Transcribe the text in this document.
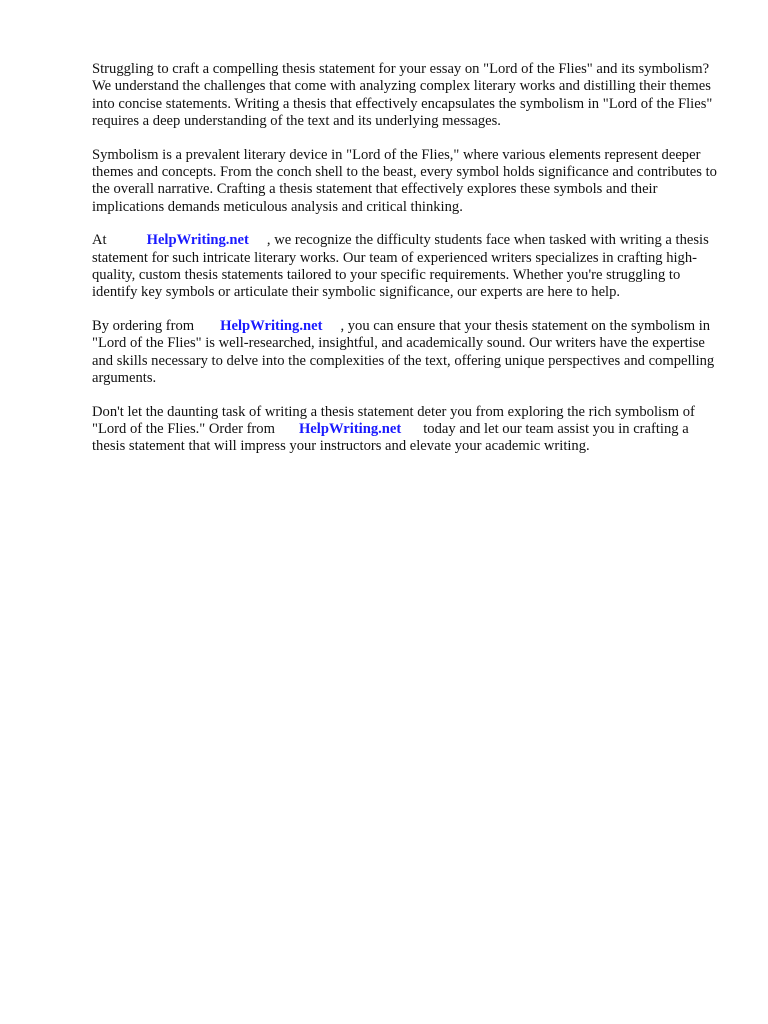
Struggling to craft a compelling thesis statement for your essay on "Lord of the Flies" and its symbolism? We understand the challenges that come with analyzing complex literary works and distilling their themes into concise statements. Writing a thesis that effectively encapsulates the symbolism in "Lord of the Flies" requires a deep understanding of the text and its underlying messages.

Symbolism is a prevalent literary device in "Lord of the Flies," where various elements represent deeper themes and concepts. From the conch shell to the beast, every symbol holds significance and contributes to the overall narrative. Crafting a thesis statement that effectively explores these symbols and their implications demands meticulous analysis and critical thinking.

At	HelpWriting.net , we recognize the difficulty students face when tasked with writing a thesis statement for such intricate literary works. Our team of experienced writers specializes in crafting high-quality, custom thesis statements tailored to your specific requirements. Whether you're struggling to identify key symbols or articulate their symbolic significance, our experts are here to help.

By ordering from HelpWriting.net , you can ensure that your thesis statement on the symbolism in "Lord of the Flies" is well-researched, insightful, and academically sound. Our writers have the expertise and skills necessary to delve into the complexities of the text, offering unique perspectives and compelling arguments.

Don't let the daunting task of writing a thesis statement deter you from exploring the rich symbolism of "Lord of the Flies." Order from HelpWriting.net today and let our team assist you in crafting a thesis statement that will impress your instructors and elevate your academic writing.
